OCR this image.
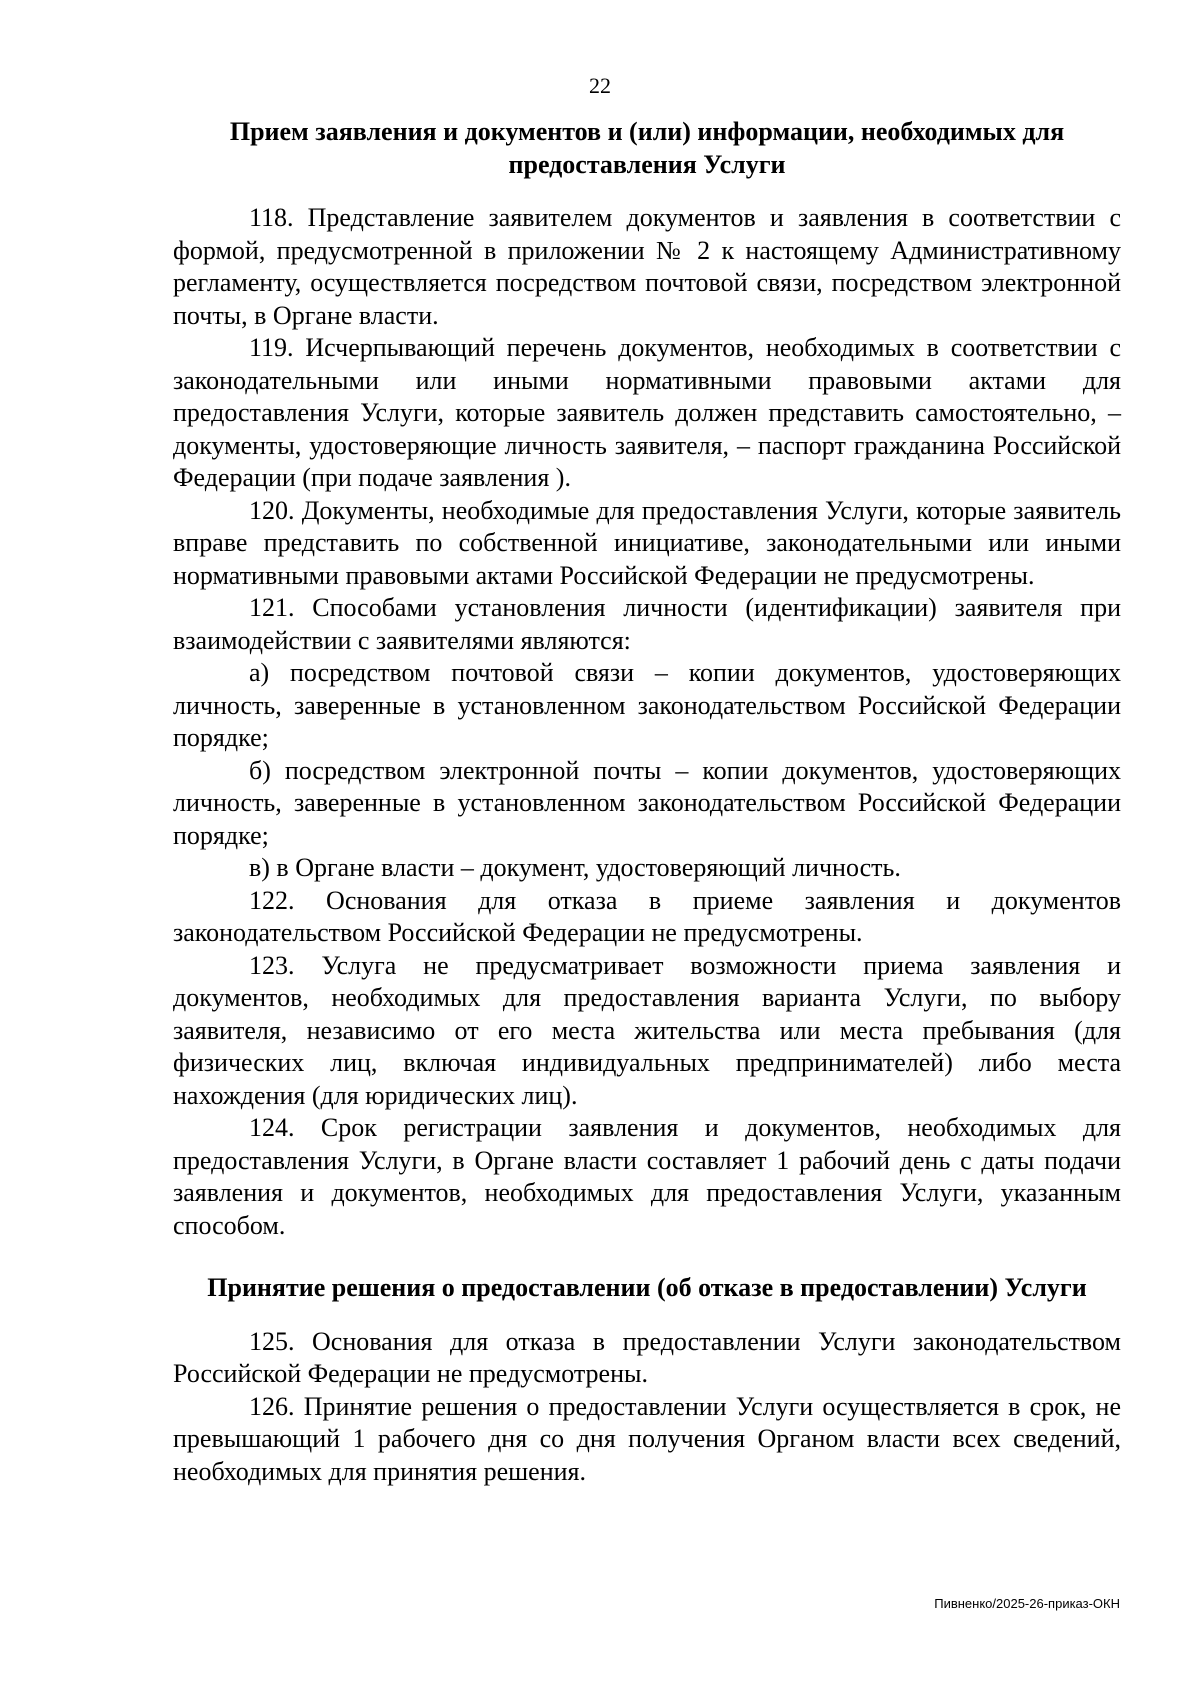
22
Прием заявления и документов и (или) информации, необходимых для предоставления Услуги

118. Представление заявителем документов и заявления в соответствии с формой, предусмотренной в приложении № 2 к настоящему Административному регламенту, осуществляется посредством почтовой связи, посредством электронной почты, в Органе власти.

119. Исчерпывающий перечень документов, необходимых в соответствии с законодательными или иными нормативными правовыми актами для предоставления Услуги, которые заявитель должен представить самостоятельно, – документы, удостоверяющие личность заявителя, – паспорт гражданина Российской Федерации (при подаче заявления ).

120. Документы, необходимые для предоставления Услуги, которые заявитель вправе представить по собственной инициативе, законодательными или иными нормативными правовыми актами Российской Федерации не предусмотрены.

121. Способами установления личности (идентификации) заявителя при взаимодействии с заявителями являются:

а) посредством почтовой связи – копии документов, удостоверяющих личность, заверенные в установленном законодательством Российской Федерации порядке;

б) посредством электронной почты – копии документов, удостоверяющих личность, заверенные в установленном законодательством Российской Федерации порядке;

в) в Органе власти – документ, удостоверяющий личность.

122. Основания для отказа в приеме заявления и документов законодательством Российской Федерации не предусмотрены.

123. Услуга не предусматривает возможности приема заявления и документов, необходимых для предоставления варианта Услуги, по выбору заявителя, независимо от его места жительства или места пребывания (для физических лиц, включая индивидуальных предпринимателей) либо места нахождения (для юридических лиц).

124. Срок регистрации заявления и документов, необходимых для предоставления Услуги, в Органе власти составляет 1 рабочий день с даты подачи заявления и документов, необходимых для предоставления Услуги, указанным способом.

Принятие решения о предоставлении (об отказе в предоставлении) Услуги

125. Основания для отказа в предоставлении Услуги законодательством Российской Федерации не предусмотрены.

126. Принятие решения о предоставлении Услуги осуществляется в срок, не превышающий 1 рабочего дня со дня получения Органом власти всех сведений, необходимых для принятия решения.

Пивненко/2025-26-приказ-ОКН
